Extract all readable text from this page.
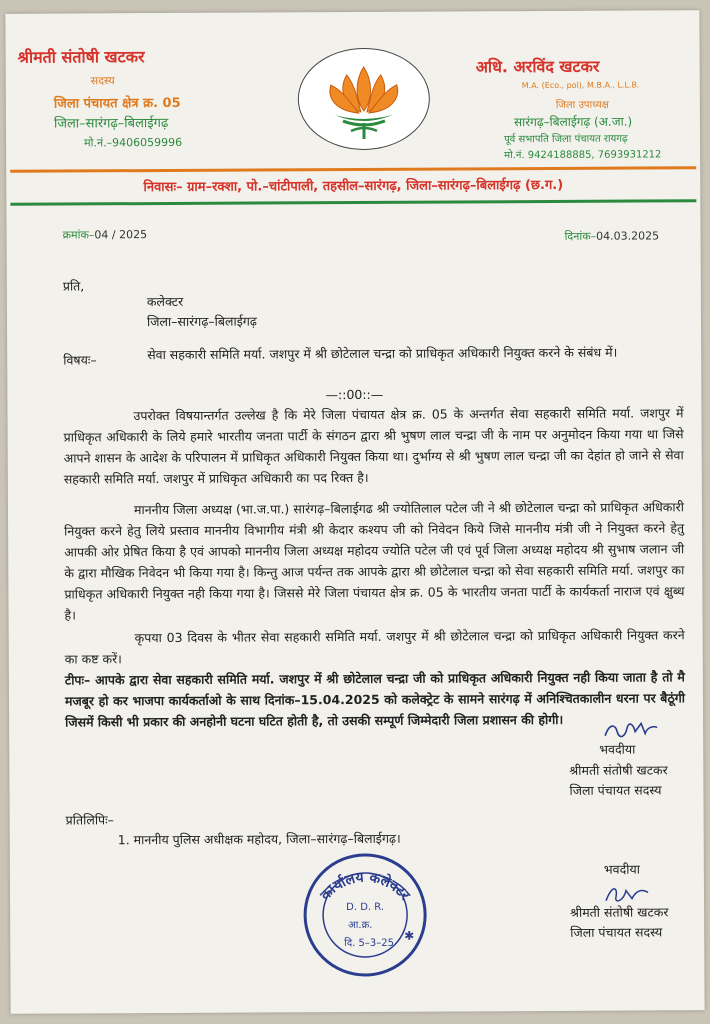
श्रीमती संतोषी खटकर
सदस्य
जिला पंचायत क्षेत्र क्र. 05
जिला–सारंगढ़–बिलाईगढ़
मो.नं.–9406059996
अधि. अरविंद खटकर
M.A. (Eco., pol), M.B.A., L.L.B.
जिला उपाध्यक्ष
सारंगढ़–बिलाईगढ़ (अ.जा.)
पूर्व सभापति जिला पंचायत रायगढ़
मो.नं. 9424188885, 7693931212
निवासः– ग्राम–रक्शा, पो.–चांटीपाली, तहसील–सारंगढ़, जिला–सारंगढ़–बिलाईगढ़ (छ.ग.)
क्रमांक–04 / 2025	दिनांक–04.03.2025
प्रति,
कलेक्टर
जिला–सारंगढ़–बिलाईगढ़
विषयः–	सेवा सहकारी समिति मर्या. जशपुर में श्री छोटेलाल चन्द्रा को प्राधिकृत अधिकारी नियुक्त करने के संबंध में।
—::00::—
उपरोक्त विषयान्तर्गत उल्लेख है कि मेरे जिला पंचायत क्षेत्र क्र. 05 के अन्तर्गत सेवा सहकारी समिति मर्या. जशपुर में प्राधिकृत अधिकारी के लिये हमारे भारतीय जनता पार्टी के संगठन द्वारा श्री भुषण लाल चन्द्रा जी के नाम पर अनुमोदन किया गया था जिसे आपने शासन के आदेश के परिपालन में प्राधिकृत अधिकारी नियुक्त किया था। दुर्भाग्य से श्री भुषण लाल चन्द्रा जी का देहांत हो जाने से सेवा सहकारी समिति मर्या. जशपुर में प्राधिकृत अधिकारी का पद रिक्त है।
माननीय जिला अध्यक्ष (भा.ज.पा.) सारंगढ़–बिलाईगढ श्री ज्योतिलाल पटेल जी ने श्री छोटेलाल चन्द्रा को प्राधिकृत अधिकारी नियुक्त करने हेतु लिये प्रस्ताव माननीय विभागीय मंत्री श्री केदार कश्यप जी को निवेदन किये जिसे माननीय मंत्री जी ने नियुक्त करने हेतु आपकी ओर प्रेषित किया है एवं आपको माननीय जिला अध्यक्ष महोदय ज्योति पटेल जी एवं पूर्व जिला अध्यक्ष महोदय श्री सुभाष जलान जी के द्वारा मौखिक निवेदन भी किया गया है। किन्तु आज पर्यन्त तक आपके द्वारा श्री छोटेलाल चन्द्रा को सेवा सहकारी समिति मर्या. जशपुर का प्राधिकृत अधिकारी नियुक्त नही किया गया है। जिससे मेरे जिला पंचायत क्षेत्र क्र. 05 के भारतीय जनता पार्टी के कार्यकर्ता नाराज एवं क्षुब्ध है।
कृपया 03 दिवस के भीतर सेवा सहकारी समिति मर्या. जशपुर में श्री छोटेलाल चन्द्रा को प्राधिकृत अधिकारी नियुक्त करने का कष्ट करें।
टीपः– आपके द्वारा सेवा सहकारी समिति मर्या. जशपुर में श्री छोटेलाल चन्द्रा जी को प्राधिकृत अधिकारी नियुक्त नही किया जाता है तो मै मजबूर हो कर भाजपा कार्यकर्ताओ के साथ दिनांक–15.04.2025 को कलेक्ट्रेट के सामने सारंगढ़ में अनिश्चितकालीन धरना पर बैठूंगी जिसमें किसी भी प्रकार की अनहोनी घटना घटित होती है, तो उसकी सम्पूर्ण जिम्मेदारी जिला प्रशासन की होगी।
भवदीया
श्रीमती संतोषी खटकर
जिला पंचायत सदस्य
प्रतिलिपिः–
1. माननीय पुलिस अधीक्षक महोदय, जिला–सारंगढ़–बिलाईगढ़।
कार्यालय कलेक्टर
D. D. R.
आ.क्र.
दि. 5–3–25
✱
भवदीया
श्रीमती संतोषी खटकर
जिला पंचायत सदस्य
